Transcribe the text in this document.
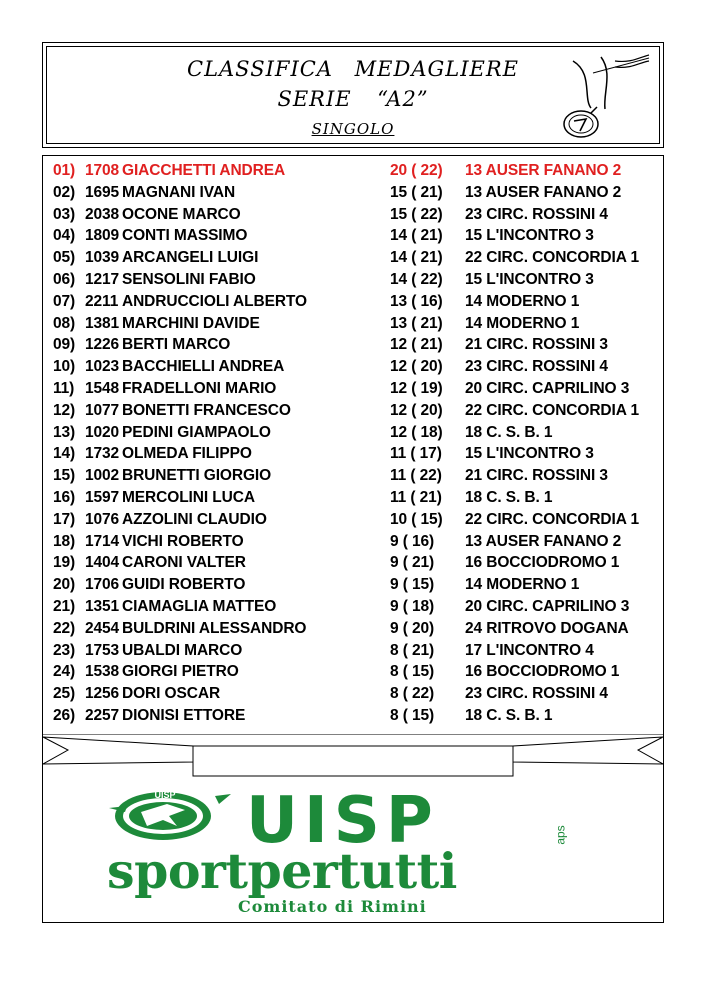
CLASSIFICA MEDAGLIERE
SERIE “A2”
SINGOLO
01) 1708 GIACCHETTI ANDREA	20 ( 22) 13 AUSER FANANO 2
02) 1695 MAGNANI IVAN	15 ( 21) 13 AUSER FANANO 2
03) 2038 OCONE MARCO	15 ( 22) 23 CIRC. ROSSINI 4
04) 1809 CONTI MASSIMO	14 ( 21) 15 L'INCONTRO 3
05) 1039 ARCANGELI LUIGI	14 ( 21) 22 CIRC. CONCORDIA 1
06) 1217 SENSOLINI FABIO	14 ( 22) 15 L'INCONTRO 3
07) 2211 ANDRUCCIOLI ALBERTO	13 ( 16) 14 MODERNO 1
08) 1381 MARCHINI DAVIDE	13 ( 21) 14 MODERNO 1
09) 1226 BERTI MARCO	12 ( 21) 21 CIRC. ROSSINI 3
10) 1023 BACCHIELLI ANDREA	12 ( 20) 23 CIRC. ROSSINI 4
11) 1548 FRADELLONI MARIO	12 ( 19) 20 CIRC. CAPRILINO 3
12) 1077 BONETTI FRANCESCO	12 ( 20) 22 CIRC. CONCORDIA 1
13) 1020 PEDINI GIAMPAOLO	12 ( 18) 18 C. S. B. 1
14) 1732 OLMEDA FILIPPO	11 ( 17) 15 L'INCONTRO 3
15) 1002 BRUNETTI GIORGIO	11 ( 22) 21 CIRC. ROSSINI 3
16) 1597 MERCOLINI LUCA	11 ( 21) 18 C. S. B. 1
17) 1076 AZZOLINI CLAUDIO	10 ( 15) 22 CIRC. CONCORDIA 1
18) 1714 VICHI ROBERTO	9 ( 16) 13 AUSER FANANO 2
19) 1404 CARONI VALTER	9 ( 21) 16 BOCCIODROMO 1
20) 1706 GUIDI ROBERTO	9 ( 15) 14 MODERNO 1
21) 1351 CIAMAGLIA MATTEO	9 ( 18) 20 CIRC. CAPRILINO 3
22) 2454 BULDRINI ALESSANDRO	9 ( 20) 24 RITROVO DOGANA
23) 1753 UBALDI MARCO	8 ( 21) 17 L'INCONTRO 4
24) 1538 GIORGI PIETRO	8 ( 15) 16 BOCCIODROMO 1
25) 1256 DORI OSCAR	8 ( 22) 23 CIRC. ROSSINI 4
26) 2257 DIONISI ETTORE	8 ( 15) 18 C. S. B. 1
UISP UISP	aps
sportpertutti
Comitato di Rimini
